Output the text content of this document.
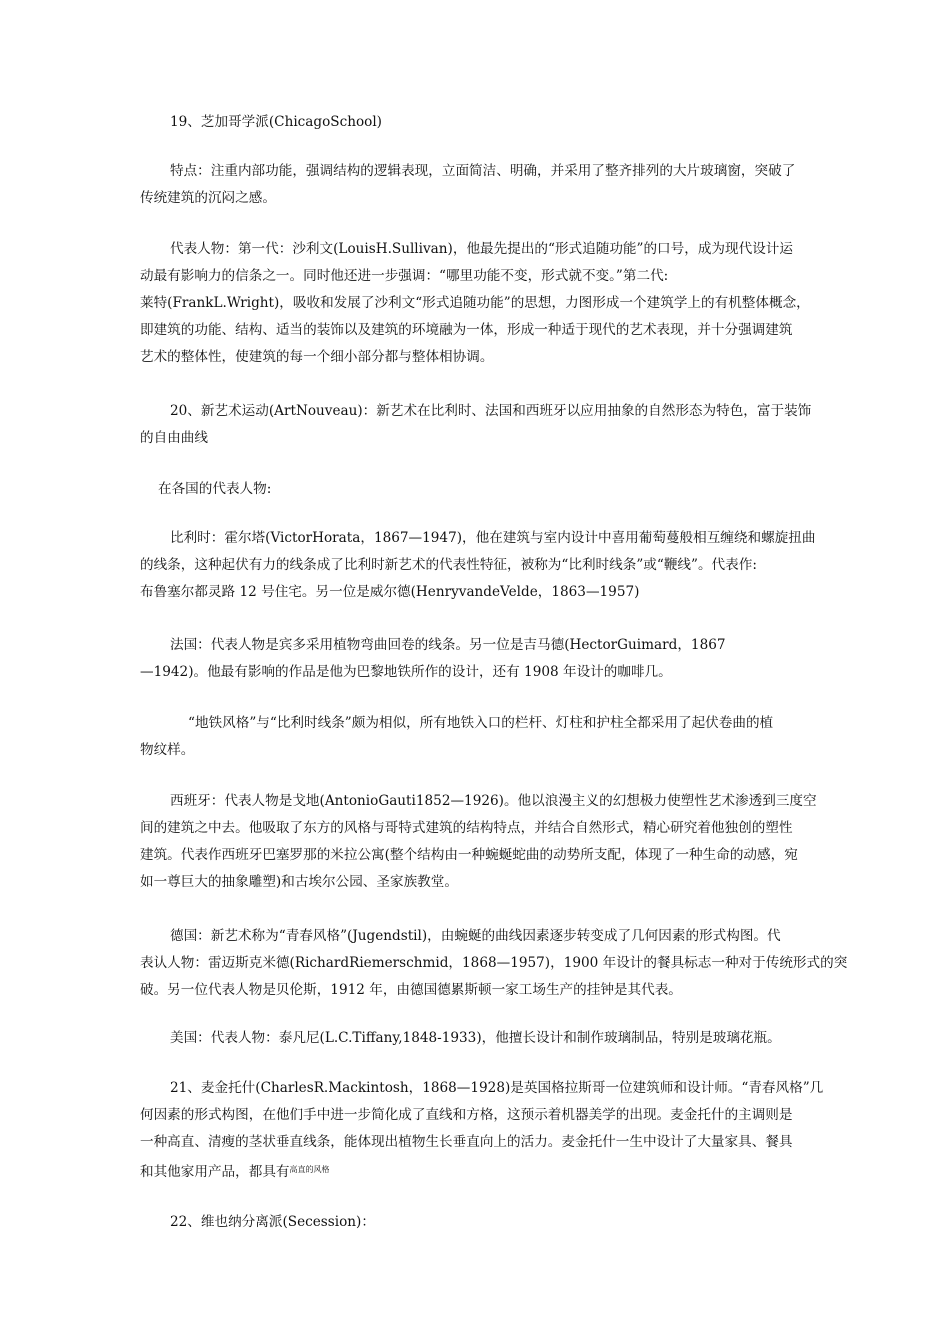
19、芝加哥学派(ChicagoSchool)
特点：注重内部功能，强调结构的逻辑表现，立面简洁、明确，并采用了整齐排列的大片玻璃窗，突破了
传统建筑的沉闷之感。
代表人物：第一代：沙利文(LouisH.Sullivan)，他最先提出的“形式追随功能”的口号，成为现代设计运
动最有影响力的信条之一。同时他还进一步强调：“哪里功能不变，形式就不变。”第二代:
莱特(FrankL.Wright)，吸收和发展了沙利文“形式追随功能”的思想，力图形成一个建筑学上的有机整体概念，
即建筑的功能、结构、适当的装饰以及建筑的环境融为一体，形成一种适于现代的艺术表现，并十分强调建筑
艺术的整体性，使建筑的每一个细小部分都与整体相协调。
20、新艺术运动(ArtNouveau)：新艺术在比利时、法国和西班牙以应用抽象的自然形态为特色，富于装饰
的自由曲线
在各国的代表人物:
比利时：霍尔塔(VictorHorata，1867—1947)，他在建筑与室内设计中喜用葡萄蔓般相互缠绕和螺旋扭曲
的线条，这种起伏有力的线条成了比利时新艺术的代表性特征，被称为“比利时线条”或“鞭线”。代表作:
布鲁塞尔都灵路 12 号住宅。另一位是威尔德(HenryvandeVelde，1863—1957)
法国：代表人物是宾多采用植物弯曲回卷的线条。另一位是吉马德(HectorGuimard，1867
—1942)。他最有影响的作品是他为巴黎地铁所作的设计，还有 1908 年设计的咖啡几。
“地铁风格”与“比利时线条”颇为相似，所有地铁入口的栏杆、灯柱和护柱全都采用了起伏卷曲的植
物纹样。
西班牙：代表人物是戈地(AntonioGauti1852—1926)。他以浪漫主义的幻想极力使塑性艺术渗透到三度空
间的建筑之中去。他吸取了东方的风格与哥特式建筑的结构特点，并结合自然形式，精心研究着他独创的塑性
建筑。代表作西班牙巴塞罗那的米拉公寓(整个结构由一种蜿蜒蛇曲的动势所支配，体现了一种生命的动感，宛
如一尊巨大的抽象雕塑)和古埃尔公园、圣家族教堂。
德国：新艺术称为“青春风格”(Jugendstil)，由蜿蜒的曲线因素逐步转变成了几何因素的形式构图。代
表认人物：雷迈斯克米德(RichardRiemerschmid，1868—1957)，1900 年设计的餐具标志一种对于传统形式的突
破。另一位代表人物是贝伦斯，1912 年，由德国德累斯顿一家工场生产的挂钟是其代表。
美国：代表人物：泰凡尼(L.C.Tiffany,1848-1933)，他擅长设计和制作玻璃制品，特别是玻璃花瓶。
21、麦金托什(CharlesR.Mackintosh，1868—1928)是英国格拉斯哥一位建筑师和设计师。“青春风格”几
何因素的形式构图，在他们手中进一步简化成了直线和方格，这预示着机器美学的出现。麦金托什的主调则是
一种高直、清瘦的茎状垂直线条，能体现出植物生长垂直向上的活力。麦金托什一生中设计了大量家具、餐具
和其他家用产品，都具有$^{高直的风格}$
22、维也纳分离派(Secession)：
